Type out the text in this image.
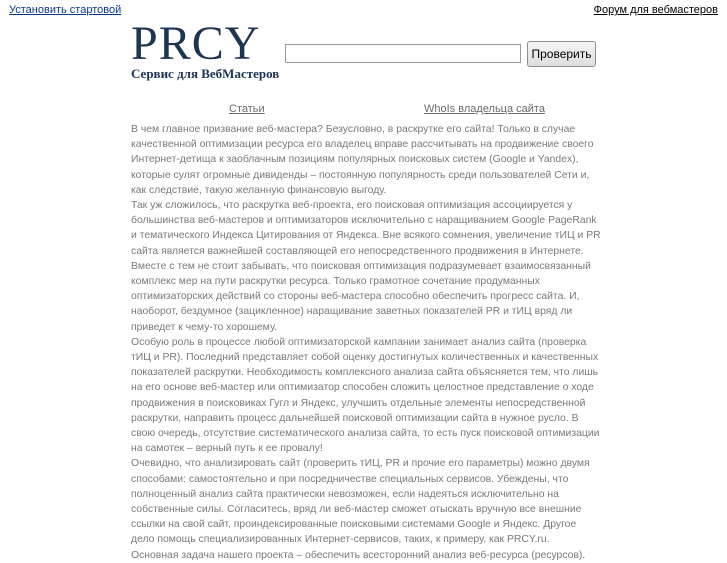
Установить стартовой	Форум для вебмастеров
PRCY
Сервис для ВебМастеров
Проверить
Статьи	WhoIs владельца сайта

В чем главное призвание веб-мастера? Безусловно, в раскрутке его сайта! Только в случае качественной оптимизации ресурса его владелец вправе рассчитывать на продвижение своего Интернет-детища к заоблачным позициям популярных поисковых систем (Google и Yandex), которые сулят огромные дивиденды – постоянную популярность среди пользователей Сети и, как следствие, такую желанную финансовую выгоду.

Так уж сложилось, что раскрутка веб-проекта, его поисковая оптимизация ассоциируется у большинства веб-мастеров и оптимизаторов исключительно с наращиванием Google PageRank и тематического Индекса Цитирования от Яндекса. Вне всякого сомнения, увеличение тИЦ и PR сайта является важнейшей составляющей его непосредственного продвижения в Интернете. Вместе с тем не стоит забывать, что поисковая оптимизация подразумевает взаимосвязанный комплекс мер на пути раскрутки ресурса. Только грамотное сочетание продуманных оптимизаторских действий со стороны веб-мастера способно обеспечить прогресс сайта. И, наоборот, бездумное (зацикленное) наращивание заветных показателей PR и тИЦ вряд ли приведет к чему-то хорошему.

Особую роль в процессе любой оптимизаторской кампании занимает анализ сайта (проверка тИЦ и PR). Последний представляет собой оценку достигнутых количественных и качественных показателей раскрутки. Необходимость комплексного анализа сайта объясняется тем, что лишь на его основе веб-мастер или оптимизатор способен сложить целостное представление о ходе продвижения в поисковиках Гугл и Яндекс, улучшить отдельные элементы непосредственной раскрутки, направить процесс дальнейшей поисковой оптимизации сайта в нужное русло. В свою очередь, отсутствие систематического анализа сайта, то есть пуск поисковой оптимизации на самотек – верный путь к ее провалу!

Очевидно, что анализировать сайт (проверить тИЦ, PR и прочие его параметры) можно двумя способами: самостоятельно и при посредничестве специальных сервисов. Убеждены, что полноценный анализ сайта практически невозможен, если надеяться исключительно на собственные силы. Согласитесь, вряд ли веб-мастер сможет отыскать вручную все внешние ссылки на свой сайт, проиндексированные поисковыми системами Google и Яндекс. Другое дело помощь специализированных Интернет-сервисов, таких, к примеру, как PRCY.ru.

Основная задача нашего проекта – обеспечить всесторонний анализ веб-ресурса (ресурсов).
